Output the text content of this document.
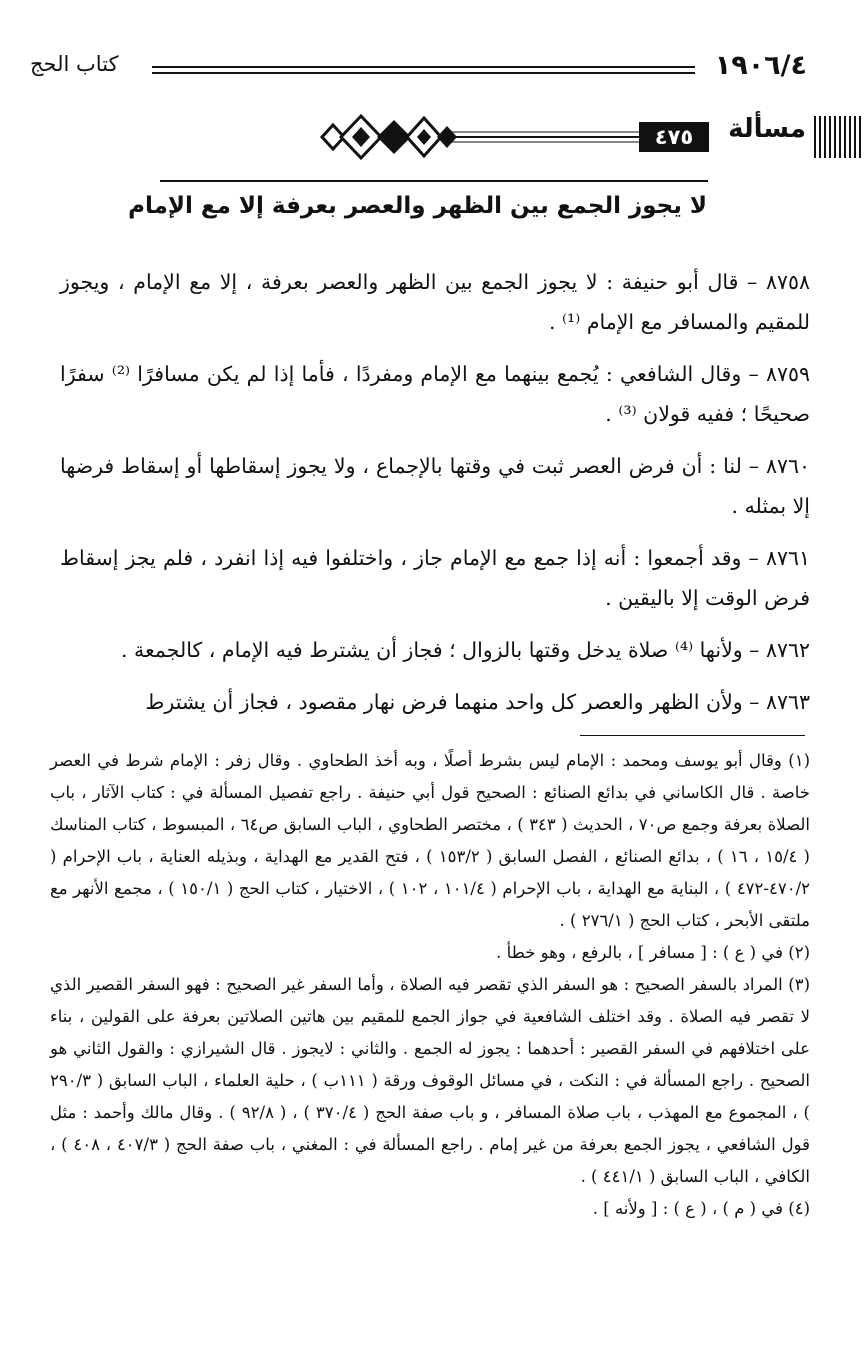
١٩٠٦/٤
كتاب الحج
مسألة
٤٧٥
لا يجوز الجمع بين الظهر والعصر بعرفة إلا مع الإمام

٨٧٥٨ – قال أبو حنيفة : لا يجوز الجمع بين الظهر والعصر بعرفة ، إلا مع الإمام ، ويجوز للمقيم والمسافر مع الإمام ⁽¹⁾ .

٨٧٥٩ – وقال الشافعي : يُجمع بينهما مع الإمام ومفردًا ، فأما إذا لم يكن مسافرًا ⁽²⁾ سفرًا صحيحًا ؛ ففيه قولان ⁽³⁾ .

٨٧٦٠ – لنا : أن فرض العصر ثبت في وقتها بالإجماع ، ولا يجوز إسقاطها أو إسقاط فرضها إلا بمثله .

٨٧٦١ – وقد أجمعوا : أنه إذا جمع مع الإمام جاز ، واختلفوا فيه إذا انفرد ، فلم يجز إسقاط فرض الوقت إلا باليقين .

٨٧٦٢ – ولأنها ⁽⁴⁾ صلاة يدخل وقتها بالزوال ؛ فجاز أن يشترط فيه الإمام ، كالجمعة .

٨٧٦٣ – ولأن الظهر والعصر كل واحد منهما فرض نهار مقصود ، فجاز أن يشترط

(١) وقال أبو يوسف ومحمد : الإمام ليس بشرط أصلًا ، وبه أخذ الطحاوي . وقال زفر : الإمام شرط في العصر خاصة . قال الكاساني في بدائع الصنائع : الصحيح قول أبي حنيفة . راجع تفصيل المسألة في : كتاب الآثار ، باب الصلاة بعرفة وجمع ص٧٠ ، الحديث ( ٣٤٣ ) ، مختصر الطحاوي ، الباب السابق ص٦٤ ، المبسوط ، كتاب المناسك ( ١٥/٤ ، ١٦ ) ، بدائع الصنائع ، الفصل السابق ( ١٥٣/٢ ) ، فتح القدير مع الهداية ، وبذيله العناية ، باب الإحرام ( ٤٧٠/٢-٤٧٢ ) ، البناية مع الهداية ، باب الإحرام ( ١٠١/٤ ، ١٠٢ ) ، الاختيار ، كتاب الحج ( ١٥٠/١ ) ، مجمع الأنهر مع ملتقى الأبحر ، كتاب الحج ( ٢٧٦/١ ) .

(٢) في ( ع ) : [ مسافر ] ، بالرفع ، وهو خطأ .

(٣) المراد بالسفر الصحيح : هو السفر الذي تقصر فيه الصلاة ، وأما السفر غير الصحيح : فهو السفر القصير الذي لا تقصر فيه الصلاة . وقد اختلف الشافعية في جواز الجمع للمقيم بين هاتين الصلاتين بعرفة على القولين ، بناء على اختلافهم في السفر القصير : أحدهما : يجوز له الجمع . والثاني : لايجوز . قال الشيرازي : والقول الثاني هو الصحيح . راجع المسألة في : النكت ، في مسائل الوقوف ورقة ( ١١١ب ) ، حلية العلماء ، الباب السابق ( ٢٩٠/٣ ) ، المجموع مع المهذب ، باب صلاة المسافر ، و باب صفة الحج ( ٣٧٠/٤ ) ، ( ٩٢/٨ ) . وقال مالك وأحمد : مثل قول الشافعي ، يجوز الجمع بعرفة من غير إمام . راجع المسألة في : المغني ، باب صفة الحج ( ٤٠٧/٣ ، ٤٠٨ ) ، الكافي ، الباب السابق ( ٤٤١/١ ) .

(٤) في ( م ) ، ( ع ) : [ ولأنه ] .
